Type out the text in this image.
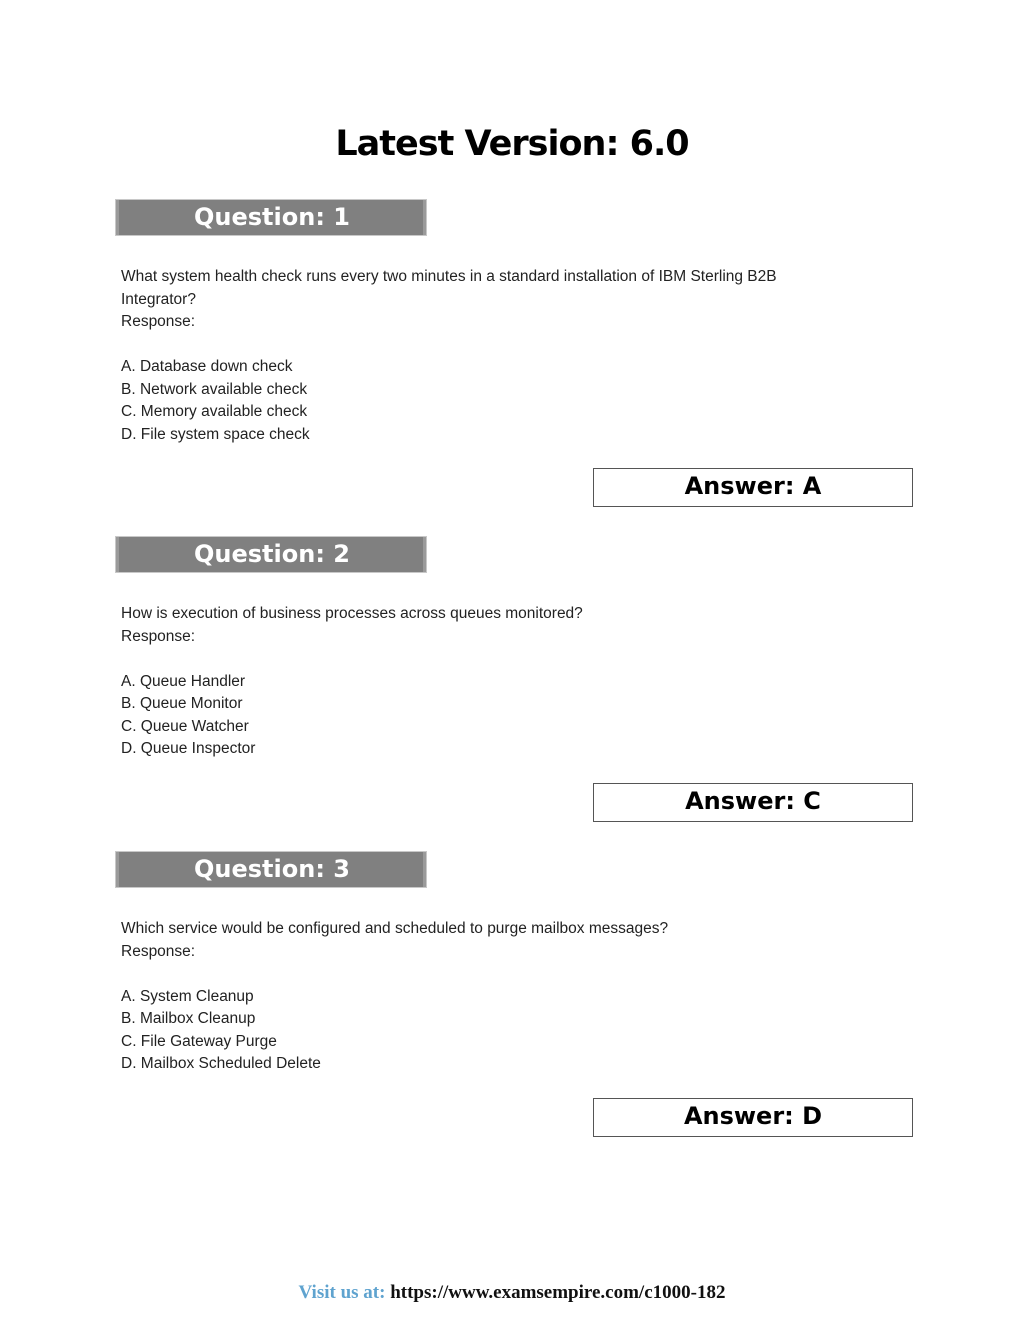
Latest Version: 6.0
Question: 1

What system health check runs every two minutes in a standard installation of IBM Sterling B2B Integrator?

Response:

A. Database down check

B. Network available check

C. Memory available check

D. File system space check

Answer: A
Question: 2

How is execution of business processes across queues monitored?

Response:

A. Queue Handler

B. Queue Monitor

C. Queue Watcher

D. Queue Inspector

Answer: C
Question: 3

Which service would be configured and scheduled to purge mailbox messages?

Response:

A. System Cleanup

B. Mailbox Cleanup

C. File Gateway Purge

D. Mailbox Scheduled Delete

Answer: D
Visit us at: https://www.examsempire.com/c1000-182
